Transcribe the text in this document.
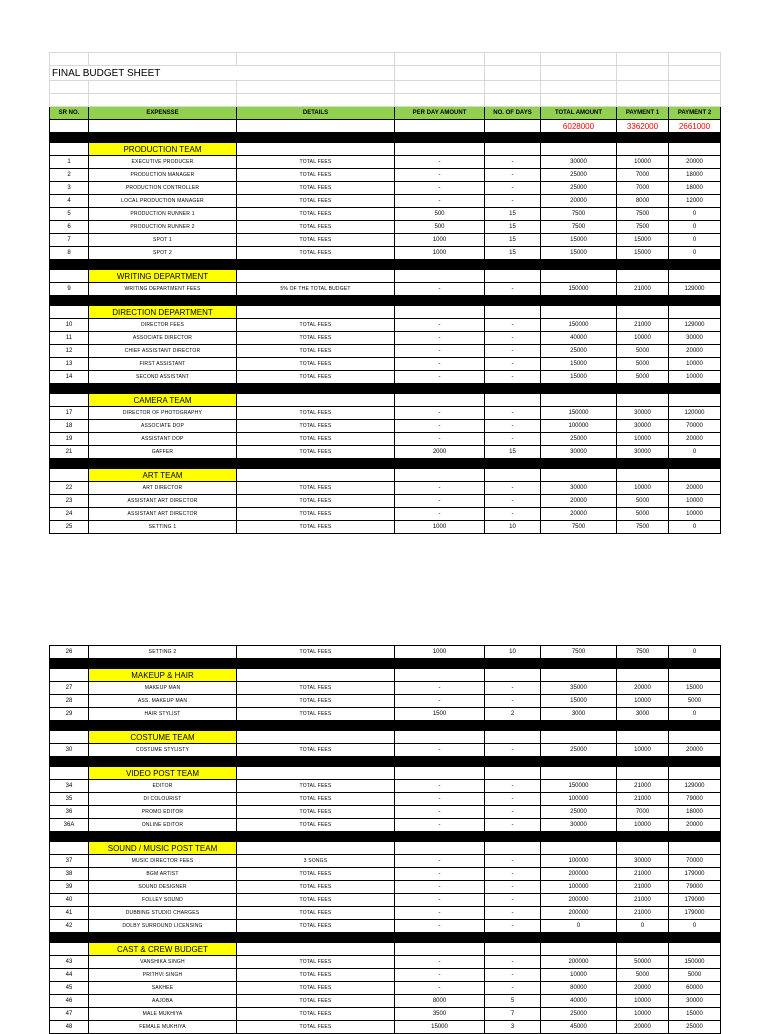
FINAL BUDGET SHEET							

SR NO.	EXPENSSE	DETAILS	PER DAY AMOUNT	NO. OF DAYS	TOTAL AMOUNT	PAYMENT 1	PAYMENT 2
					6028000	3362000	2661000

	PRODUCTION TEAM						
1	EXECUTIVE PRODUCER	TOTAL FEES	-	-	30000	10000	20000
2	PRODUCTION MANAGER	TOTAL FEES	-	-	25000	7000	18000
3	PRODUCTION CONTROLLER	TOTAL FEES	-	-	25000	7000	18000
4	LOCAL PRODUCTION MANAGER	TOTAL FEES	-	-	20000	8000	12000
5	PRODUCTION RUNNER 1	TOTAL FEES	500	15	7500	7500	0
6	PRODUCTION RUNNER 2	TOTAL FEES	500	15	7500	7500	0
7	SPOT 1	TOTAL FEES	1000	15	15000	15000	0
8	SPOT 2	TOTAL FEES	1000	15	15000	15000	0

	WRITING DEPARTMENT						
9	WRITING DEPARTMENT FEES	5% OF THE TOTAL BUDGET	-	-	150000	21000	129000

	DIRECTION DEPARTMENT						
10	DIRECTOR FEES	TOTAL FEES	-	-	150000	21000	129000
11	ASSOCIATE DIRECTOR	TOTAL FEES	-	-	40000	10000	30000
12	CHIEF ASSISTANT DIRECTOR	TOTAL FEES	-	-	25000	5000	20000
13	FIRST ASSISTANT	TOTAL FEES	-	-	15000	5000	10000
14	SECOND ASSISTANT	TOTAL FEES	-	-	15000	5000	10000

	CAMERA TEAM						
17	DIRECTOR OF PHOTOGRAPHY	TOTAL FEES	-	-	150000	30000	120000
18	ASSOCIATE DOP	TOTAL FEES	-	-	100000	30000	70000
19	ASSISTANT DOP	TOTAL FEES	-	-	25000	10000	20000
21	GAFFER	TOTAL FEES	2000	15	30000	30000	0

	ART TEAM						
22	ART DIRECTOR	TOTAL FEES	-	-	30000	10000	20000
23	ASSISTANT ART DIRECTOR	TOTAL FEES	-	-	20000	5000	10000
24	ASSISTANT ART DIRECTOR	TOTAL FEES	-	-	20000	5000	10000
25	SETTING 1	TOTAL FEES	1000	10	7500	7500	0
26	SETTING 2	TOTAL FEES	1000	10	7500	7500	0

	MAKEUP & HAIR						
27	MAKEUP MAN	TOTAL FEES	-	-	35000	20000	15000
28	ASS. MAKEUP MAN	TOTAL FEES	-	-	15000	10000	5000
29	HAIR STYLIST	TOTAL FEES	1500	2	3000	3000	0

	COSTUME TEAM						
30	COSTUME STYLISTY	TOTAL FEES	-	-	25000	10000	20000

	VIDEO POST TEAM						
34	EDITOR	TOTAL FEES	-	-	150000	21000	129000
35	DI COLOURIST	TOTAL FEES	-	-	100000	21000	79000
36	PROMO EDITOR	TOTAL FEES	-	-	25000	7000	18000
36A	ONLINE EDITOR	TOTAL FEES	-	-	30000	10000	20000

	SOUND / MUSIC POST TEAM						
37	MUSIC DIRECTOR FEES	3 SONGS	-	-	100000	30000	70000
38	BGM ARTIST	TOTAL FEES	-	-	200000	21000	179000
39	SOUND DESIGNER	TOTAL FEES	-	-	100000	21000	79000
40	FOLLEY SOUND	TOTAL FEES	-	-	200000	21000	179000
41	DUBBING STUDIO CHARGES	TOTAL FEES	-	-	200000	21000	179000
42	DOLBY SURROUND LICENSING	TOTAL FEES	-	-	0	0	0

	CAST & CREW BUDGET						
43	VANSHIKA SINGH	TOTAL FEES	-	-	200000	50000	150000
44	PRITHVI SINGH	TOTAL FEES	-	-	10000	5000	5000
45	SAKHEE	TOTAL FEES	-	-	80000	20000	60000
46	AAJOBA	TOTAL FEES	8000	5	40000	10000	30000
47	MALE MUKHIYA	TOTAL FEES	3500	7	25000	10000	15000
48	FEMALE MUKHIYA	TOTAL FEES	15000	3	45000	20000	25000
